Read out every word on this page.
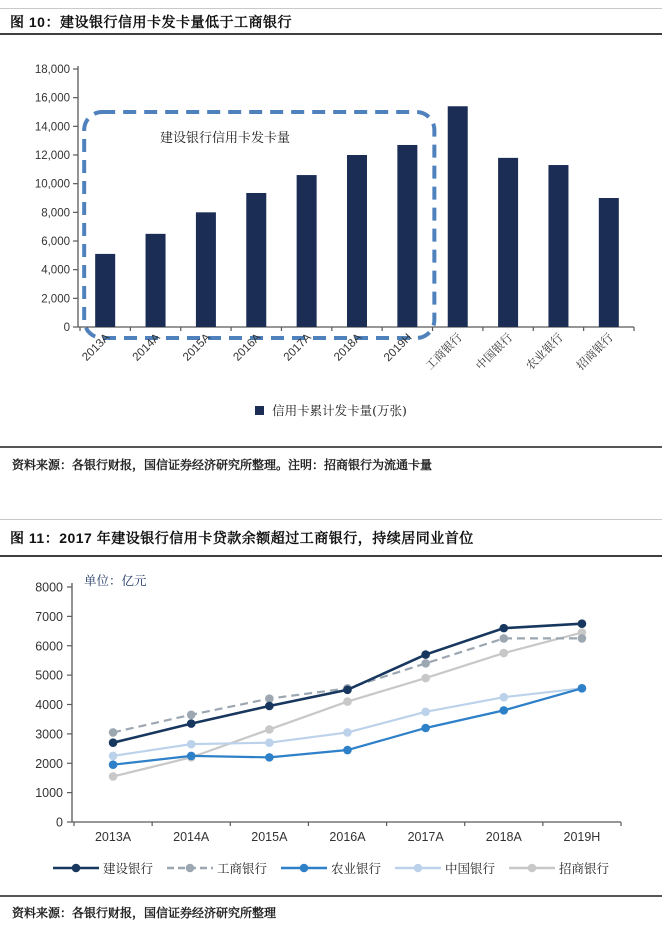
图 10：建设银行信用卡发卡量低于工商银行
建设银行信用卡发卡量
0
2,000
4,000
6,000
8,000
10,000
12,000
14,000
16,000
18,000
2013A 2014A 2015A 2016A 2017A 2018A 2019H 工商银行 中国银行 农业银行 招商银行
信用卡累计发卡量(万张)
资料来源：各银行财报，国信证券经济研究所整理。注明：招商银行为流通卡量
图 11：2017 年建设银行信用卡贷款余额超过工商银行，持续居同业首位
0
1000
2000
3000
4000
5000
6000
7000
8000
2013A	2014A	2015A	2016A	2017A	2018A	2019H
单位：亿元
建设银行	工商银行	农业银行	中国银行	招商银行
资料来源：各银行财报，国信证券经济研究所整理
